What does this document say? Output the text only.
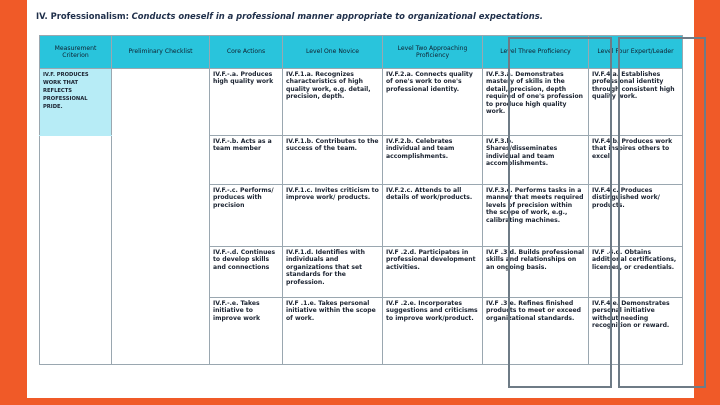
IV. Professionalism: Conducts oneself in a professional manner appropriate to organizational expectations.
Measurement Criterion	Preliminary Checklist	Core Actions	Level One Novice	Level Two Approaching Proficiency	Level Three Proficiency	Level Four Expert/Leader
IV.F. PRODUCES WORK THAT REFLECTS PROFESSIONAL PRIDE.		IV.F.-.a. Produces high quality work	IV.F.1.a. Recognizes characteristics of high quality work, e.g. detail, precision, depth.	IV.F.2.a. Connects quality of one's work to one's professional identity.	IV.F.3.a. Demonstrates mastery of skills in the detail, precision, depth required of one's profession to produce high quality work.	IV.F.4.a. Establishes professional identity through consistent high quality work.
		IV.F.-.b. Acts as a team member	IV.F.1.b. Contributes to the success of the team.	IV.F.2.b. Celebrates individual and team accomplishments.	IV.F.3.b. Shares/disseminates individual and team accomplishments.	IV.F.4.b. Produces work that inspires others to excel.
		IV.F.-.c. Performs/ produces with precision	IV.F.1.c. Invites criticism to improve work/ products.	IV.F.2.c. Attends to all details of work/products.	IV.F.3.c. Performs tasks in a manner that meets required levels of precision within the scope of work, e.g., calibrating machines.	IV.F.4.c. Produces distinguished work/ products.
		IV.F.-.d. Continues to develop skills and connections	IV.F.1.d. Identifies with individuals and organizations that set standards for the profession.	IV.F .2.d. Participates in professional development activities.	IV.F .3.d. Builds professional skills and relationships on an ongoing basis.	IV.F .4.d. Obtains additional certifications, licenses, or credentials.
		IV.F.-.e. Takes initiative to improve work	IV.F .1.e. Takes personal initiative within the scope of work.	IV.F .2.e. Incorporates suggestions and criticisms to improve work/product.	IV.F .3.e. Refines finished products to meet or exceed organizational standards.	IV.F.4.e. Demonstrates personal initiative without needing recognition or reward.
